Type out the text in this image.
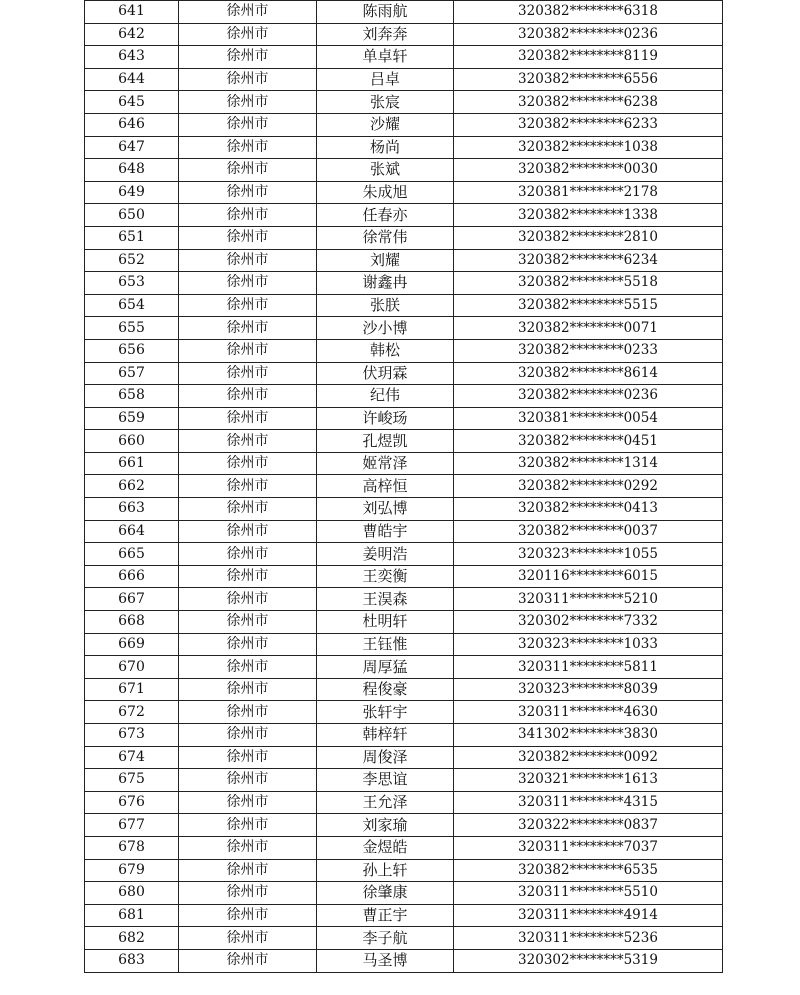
641	徐州市	陈雨航	320382********6318
642	徐州市	刘奔奔	320382********0236
643	徐州市	单卓轩	320382********8119
644	徐州市	吕卓	320382********6556
645	徐州市	张宸	320382********6238
646	徐州市	沙耀	320382********6233
647	徐州市	杨尚	320382********1038
648	徐州市	张斌	320382********0030
649	徐州市	朱成旭	320381********2178
650	徐州市	任春亦	320382********1338
651	徐州市	徐常伟	320382********2810
652	徐州市	刘耀	320382********6234
653	徐州市	谢鑫冉	320382********5518
654	徐州市	张朕	320382********5515
655	徐州市	沙小博	320382********0071
656	徐州市	韩松	320382********0233
657	徐州市	伏玥霖	320382********8614
658	徐州市	纪伟	320382********0236
659	徐州市	许峻玚	320381********0054
660	徐州市	孔煜凯	320382********0451
661	徐州市	姬常泽	320382********1314
662	徐州市	高梓恒	320382********0292
663	徐州市	刘弘博	320382********0413
664	徐州市	曹皓宇	320382********0037
665	徐州市	姜明浩	320323********1055
666	徐州市	王奕衡	320116********6015
667	徐州市	王淏森	320311********5210
668	徐州市	杜明轩	320302********7332
669	徐州市	王钰惟	320323********1033
670	徐州市	周厚猛	320311********5811
671	徐州市	程俊豪	320323********8039
672	徐州市	张轩宇	320311********4630
673	徐州市	韩梓轩	341302********3830
674	徐州市	周俊泽	320382********0092
675	徐州市	李思谊	320321********1613
676	徐州市	王允泽	320311********4315
677	徐州市	刘家瑜	320322********0837
678	徐州市	金煜皓	320311********7037
679	徐州市	孙上轩	320382********6535
680	徐州市	徐肇康	320311********5510
681	徐州市	曹正宇	320311********4914
682	徐州市	李子航	320311********5236
683	徐州市	马圣博	320302********5319
